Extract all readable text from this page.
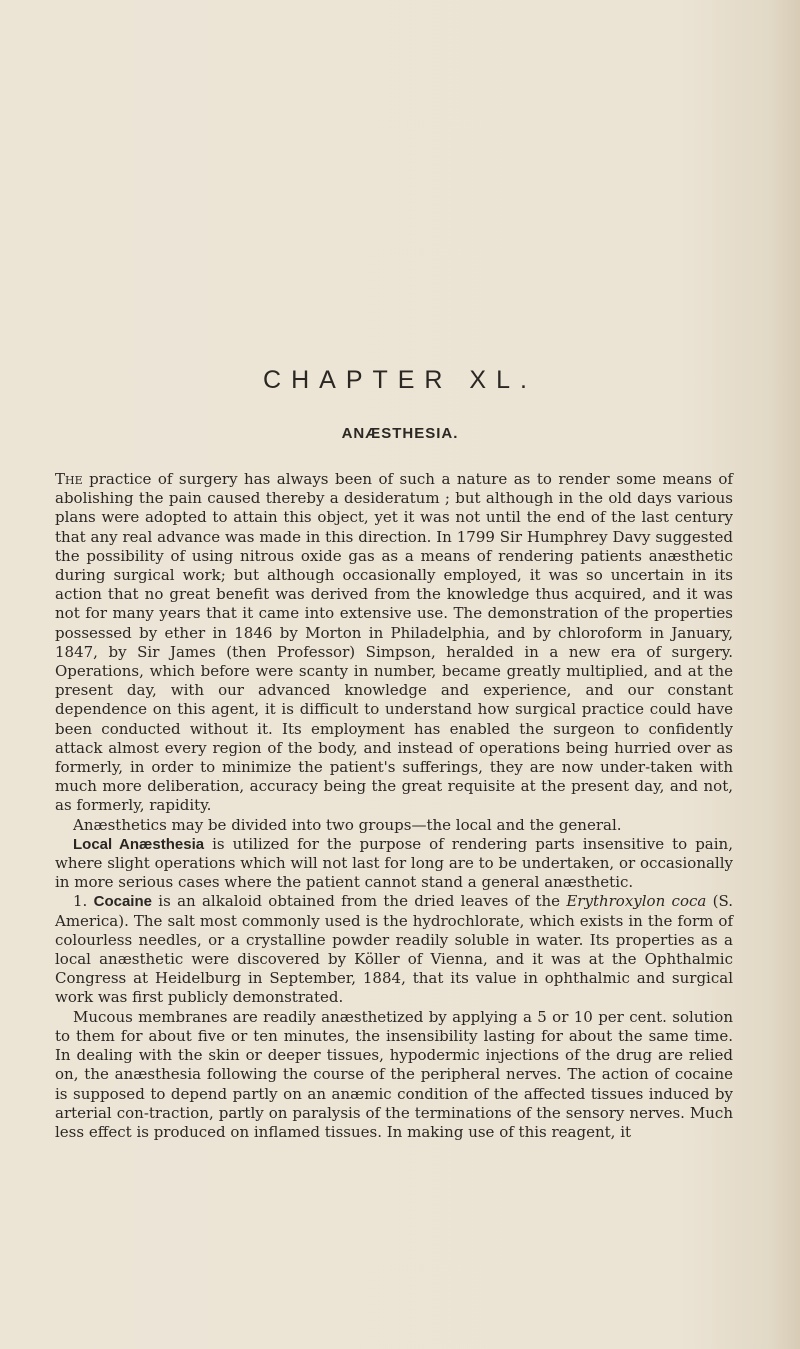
CHAPTER XL.
ANÆSTHESIA.

The practice of surgery has always been of such a nature as to render some means of abolishing the pain caused thereby a desideratum ; but although in the old days various plans were adopted to attain this object, yet it was not until the end of the last century that any real advance was made in this direction. In 1799 Sir Humphrey Davy suggested the possibility of using nitrous oxide gas as a means of rendering patients anæsthetic during surgical work; but although occasionally employed, it was so uncertain in its action that no great benefit was derived from the knowledge thus acquired, and it was not for many years that it came into extensive use. The demonstration of the properties possessed by ether in 1846 by Morton in Philadelphia, and by chloroform in January, 1847, by Sir James (then Professor) Simpson, heralded in a new era of surgery. Operations, which before were scanty in number, became greatly multiplied, and at the present day, with our advanced knowledge and experience, and our constant dependence on this agent, it is difficult to understand how surgical practice could have been conducted without it. Its employment has enabled the surgeon to confidently attack almost every region of the body, and instead of operations being hurried over as formerly, in order to minimize the patient's sufferings, they are now under-taken with much more deliberation, accuracy being the great requisite at the present day, and not, as formerly, rapidity.

Anæsthetics may be divided into two groups—the local and the general.

Local Anæsthesia is utilized for the purpose of rendering parts insensitive to pain, where slight operations which will not last for long are to be undertaken, or occasionally in more serious cases where the patient cannot stand a general anæsthetic.

1. Cocaine is an alkaloid obtained from the dried leaves of the Erythroxylon coca (S. America). The salt most commonly used is the hydrochlorate, which exists in the form of colourless needles, or a crystalline powder readily soluble in water. Its properties as a local anæsthetic were discovered by Köller of Vienna, and it was at the Ophthalmic Congress at Heidelburg in September, 1884, that its value in ophthalmic and surgical work was first publicly demonstrated.

Mucous membranes are readily anæsthetized by applying a 5 or 10 per cent. solution to them for about five or ten minutes, the insensibility lasting for about the same time. In dealing with the skin or deeper tissues, hypodermic injections of the drug are relied on, the anæsthesia following the course of the peripheral nerves. The action of cocaine is supposed to depend partly on an anæmic condition of the affected tissues induced by arterial con-traction, partly on paralysis of the terminations of the sensory nerves. Much less effect is produced on inflamed tissues. In making use of this reagent, it
